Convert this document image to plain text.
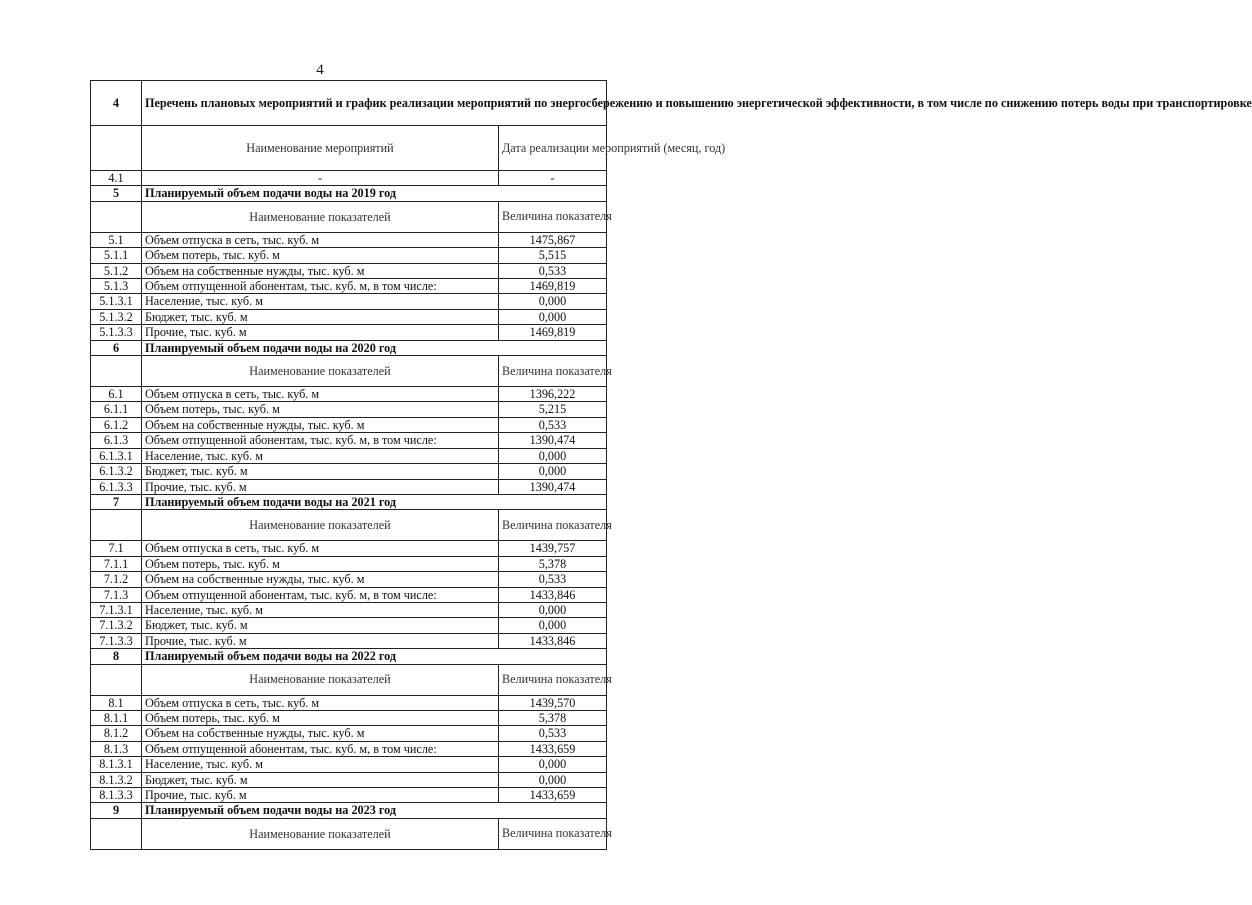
4
4	Перечень плановых мероприятий и график реализации мероприятий по энергосбережению и повышению энергетической эффективности, в том числе по снижению потерь воды при транспортировке	
	Наименование мероприятий	Дата реализации мероприятий (месяц, год)
4.1	-	-
5	Планируемый объем подачи воды на 2019 год	
	Наименование показателей	Величина показателя
5.1	Объем отпуска в сеть, тыс. куб. м	1475,867
5.1.1	Объем потерь, тыс. куб. м	5,515
5.1.2	Объем на собственные нужды, тыс. куб. м	0,533
5.1.3	Объем отпущенной абонентам, тыс. куб. м, в том числе:	1469,819
5.1.3.1	Население, тыс. куб. м	0,000
5.1.3.2	Бюджет, тыс. куб. м	0,000
5.1.3.3	Прочие, тыс. куб. м	1469,819
6	Планируемый объем подачи воды на 2020 год	
	Наименование показателей	Величина показателя
6.1	Объем отпуска в сеть, тыс. куб. м	1396,222
6.1.1	Объем потерь, тыс. куб. м	5,215
6.1.2	Объем на собственные нужды, тыс. куб. м	0,533
6.1.3	Объем отпущенной абонентам, тыс. куб. м, в том числе:	1390,474
6.1.3.1	Население, тыс. куб. м	0,000
6.1.3.2	Бюджет, тыс. куб. м	0,000
6.1.3.3	Прочие, тыс. куб. м	1390,474
7	Планируемый объем подачи воды на 2021 год	
	Наименование показателей	Величина показателя
7.1	Объем отпуска в сеть, тыс. куб. м	1439,757
7.1.1	Объем потерь, тыс. куб. м	5,378
7.1.2	Объем на собственные нужды, тыс. куб. м	0,533
7.1.3	Объем отпущенной абонентам, тыс. куб. м, в том числе:	1433,846
7.1.3.1	Население, тыс. куб. м	0,000
7.1.3.2	Бюджет, тыс. куб. м	0,000
7.1.3.3	Прочие, тыс. куб. м	1433,846
8	Планируемый объем подачи воды на 2022 год	
	Наименование показателей	Величина показателя
8.1	Объем отпуска в сеть, тыс. куб. м	1439,570
8.1.1	Объем потерь, тыс. куб. м	5,378
8.1.2	Объем на собственные нужды, тыс. куб. м	0,533
8.1.3	Объем отпущенной абонентам, тыс. куб. м, в том числе:	1433,659
8.1.3.1	Население, тыс. куб. м	0,000
8.1.3.2	Бюджет, тыс. куб. м	0,000
8.1.3.3	Прочие, тыс. куб. м	1433,659
9	Планируемый объем подачи воды на 2023 год	
	Наименование показателей	Величина показателя
